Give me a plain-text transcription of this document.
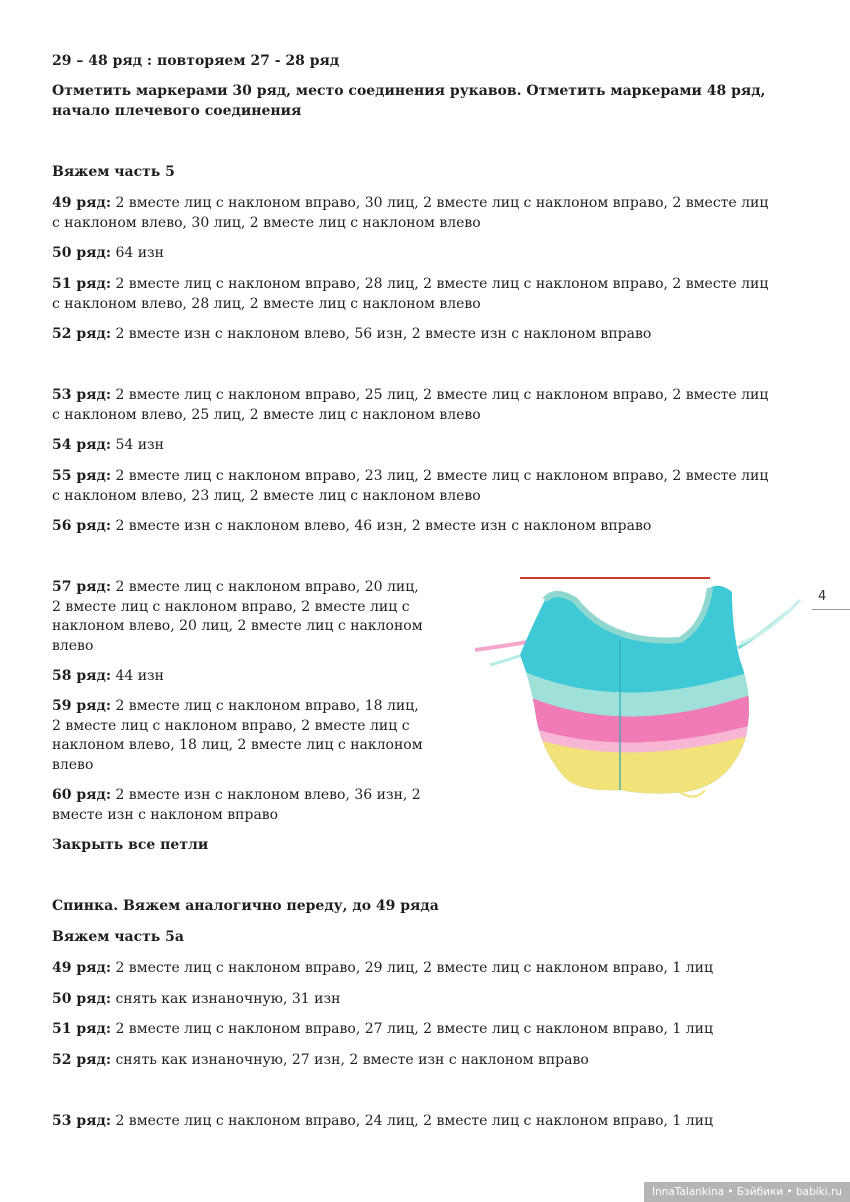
29 – 48 ряд : повторяем 27 - 28 ряд

Отметить маркерами 30 ряд, место соединения рукавов. Отметить маркерами 48 ряд, начало плечевого соединения

Вяжем часть 5

49 ряд: 2 вместе лиц с наклоном вправо, 30 лиц, 2 вместе лиц с наклоном вправо, 2 вместе лиц с наклоном влево, 30 лиц, 2 вместе лиц с наклоном влево

50 ряд: 64 изн

51 ряд: 2 вместе лиц с наклоном вправо, 28 лиц, 2 вместе лиц с наклоном вправо, 2 вместе лиц с наклоном влево, 28 лиц, 2 вместе лиц с наклоном влево

52 ряд: 2 вместе изн с наклоном влево, 56 изн, 2 вместе изн с наклоном вправо

53 ряд: 2 вместе лиц с наклоном вправо, 25 лиц, 2 вместе лиц с наклоном вправо, 2 вместе лиц с наклоном влево, 25 лиц, 2 вместе лиц с наклоном влево

54 ряд: 54 изн

55 ряд: 2 вместе лиц с наклоном вправо, 23 лиц, 2 вместе лиц с наклоном вправо, 2 вместе лиц с наклоном влево, 23 лиц, 2 вместе лиц с наклоном влево

56 ряд: 2 вместе изн с наклоном влево, 46 изн, 2 вместе изн с наклоном вправо

57 ряд: 2 вместе лиц с наклоном вправо, 20 лиц, 2 вместе лиц с наклоном вправо, 2 вместе лиц с наклоном влево, 20 лиц, 2 вместе лиц с наклоном влево

58 ряд: 44 изн

59 ряд: 2 вместе лиц с наклоном вправо, 18 лиц, 2 вместе лиц с наклоном вправо, 2 вместе лиц с наклоном влево, 18 лиц, 2 вместе лиц с наклоном влево

60 ряд: 2 вместе изн с наклоном влево, 36 изн, 2 вместе изн с наклоном вправо

Закрыть все петли

Спинка. Вяжем аналогично переду, до 49 ряда

Вяжем часть 5а

49 ряд: 2 вместе лиц с наклоном вправо, 29 лиц, 2 вместе лиц с наклоном вправо, 1 лиц

50 ряд: снять как изнаночную, 31 изн

51 ряд: 2 вместе лиц с наклоном вправо, 27 лиц, 2 вместе лиц с наклоном вправо, 1 лиц

52 ряд: снять как изнаночную, 27 изн, 2 вместе изн с наклоном вправо

53 ряд: 2 вместе лиц с наклоном вправо, 24 лиц, 2 вместе лиц с наклоном вправо, 1 лиц

4
InnaTalankina • Бэйбики • babiki.ru
